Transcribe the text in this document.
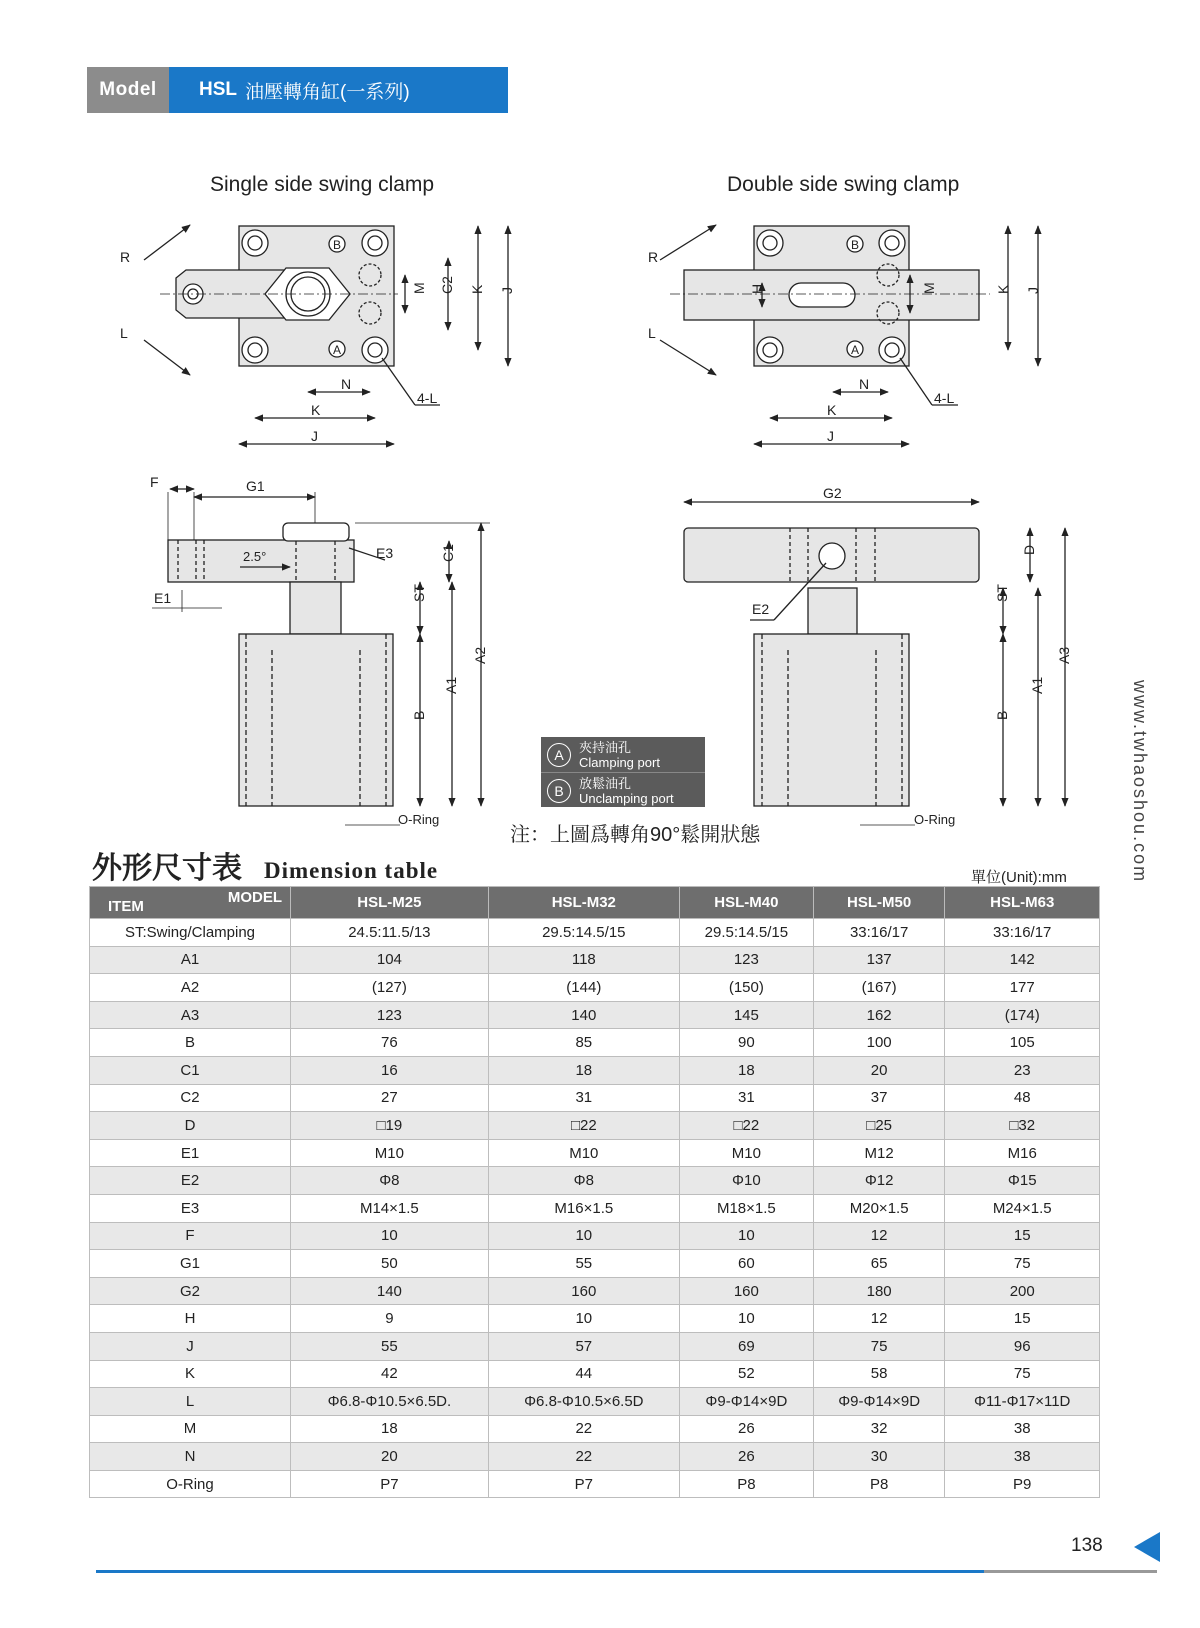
Model	HSL 油壓轉角缸(一系列)
Single side swing clamp
R
L
B
A
M C2 K J
N
K
J
4-L
Double side swing clamp
R
L
B
A
H	M	K J
N
K
J
4-L
F	G1
E1
2.5°	E3	C1
ST
B
A1
A2
O-Ring
G2
E2
D
ST
B
A1
A3
O-Ring
A	夾持油孔
Clamping port
B	放鬆油孔
Unclamping port
注：上圖爲轉角90°鬆開狀態
外形尺寸表 Dimension table	單位(Unit):mm
ITEM
MODEL	HSL-M25	HSL-M32	HSL-M40	HSL-M50	HSL-M63
ST:Swing/Clamping	24.5:11.5/13	29.5:14.5/15	29.5:14.5/15	33:16/17	33:16/17
A1	104	118	123	137	142
A2	(127)	(144)	(150)	(167)	177
A3	123	140	145	162	(174)
B	76	85	90	100	105
C1	16	18	18	20	23
C2	27	31	31	37	48
D	□19	□22	□22	□25	□32
E1	M10	M10	M10	M12	M16
E2	Φ8	Φ8	Φ10	Φ12	Φ15
E3	M14×1.5	M16×1.5	M18×1.5	M20×1.5	M24×1.5
F	10	10	10	12	15
G1	50	55	60	65	75
G2	140	160	160	180	200
H	9	10	10	12	15
J	55	57	69	75	96
K	42	44	52	58	75
L	Φ6.8-Φ10.5×6.5D.	Φ6.8-Φ10.5×6.5D	Φ9-Φ14×9D	Φ9-Φ14×9D	Φ11-Φ17×11D
M	18	22	26	32	38
N	20	22	26	30	38
O-Ring	P7	P7	P8	P8	P9
138
www.twhaoshou.com
